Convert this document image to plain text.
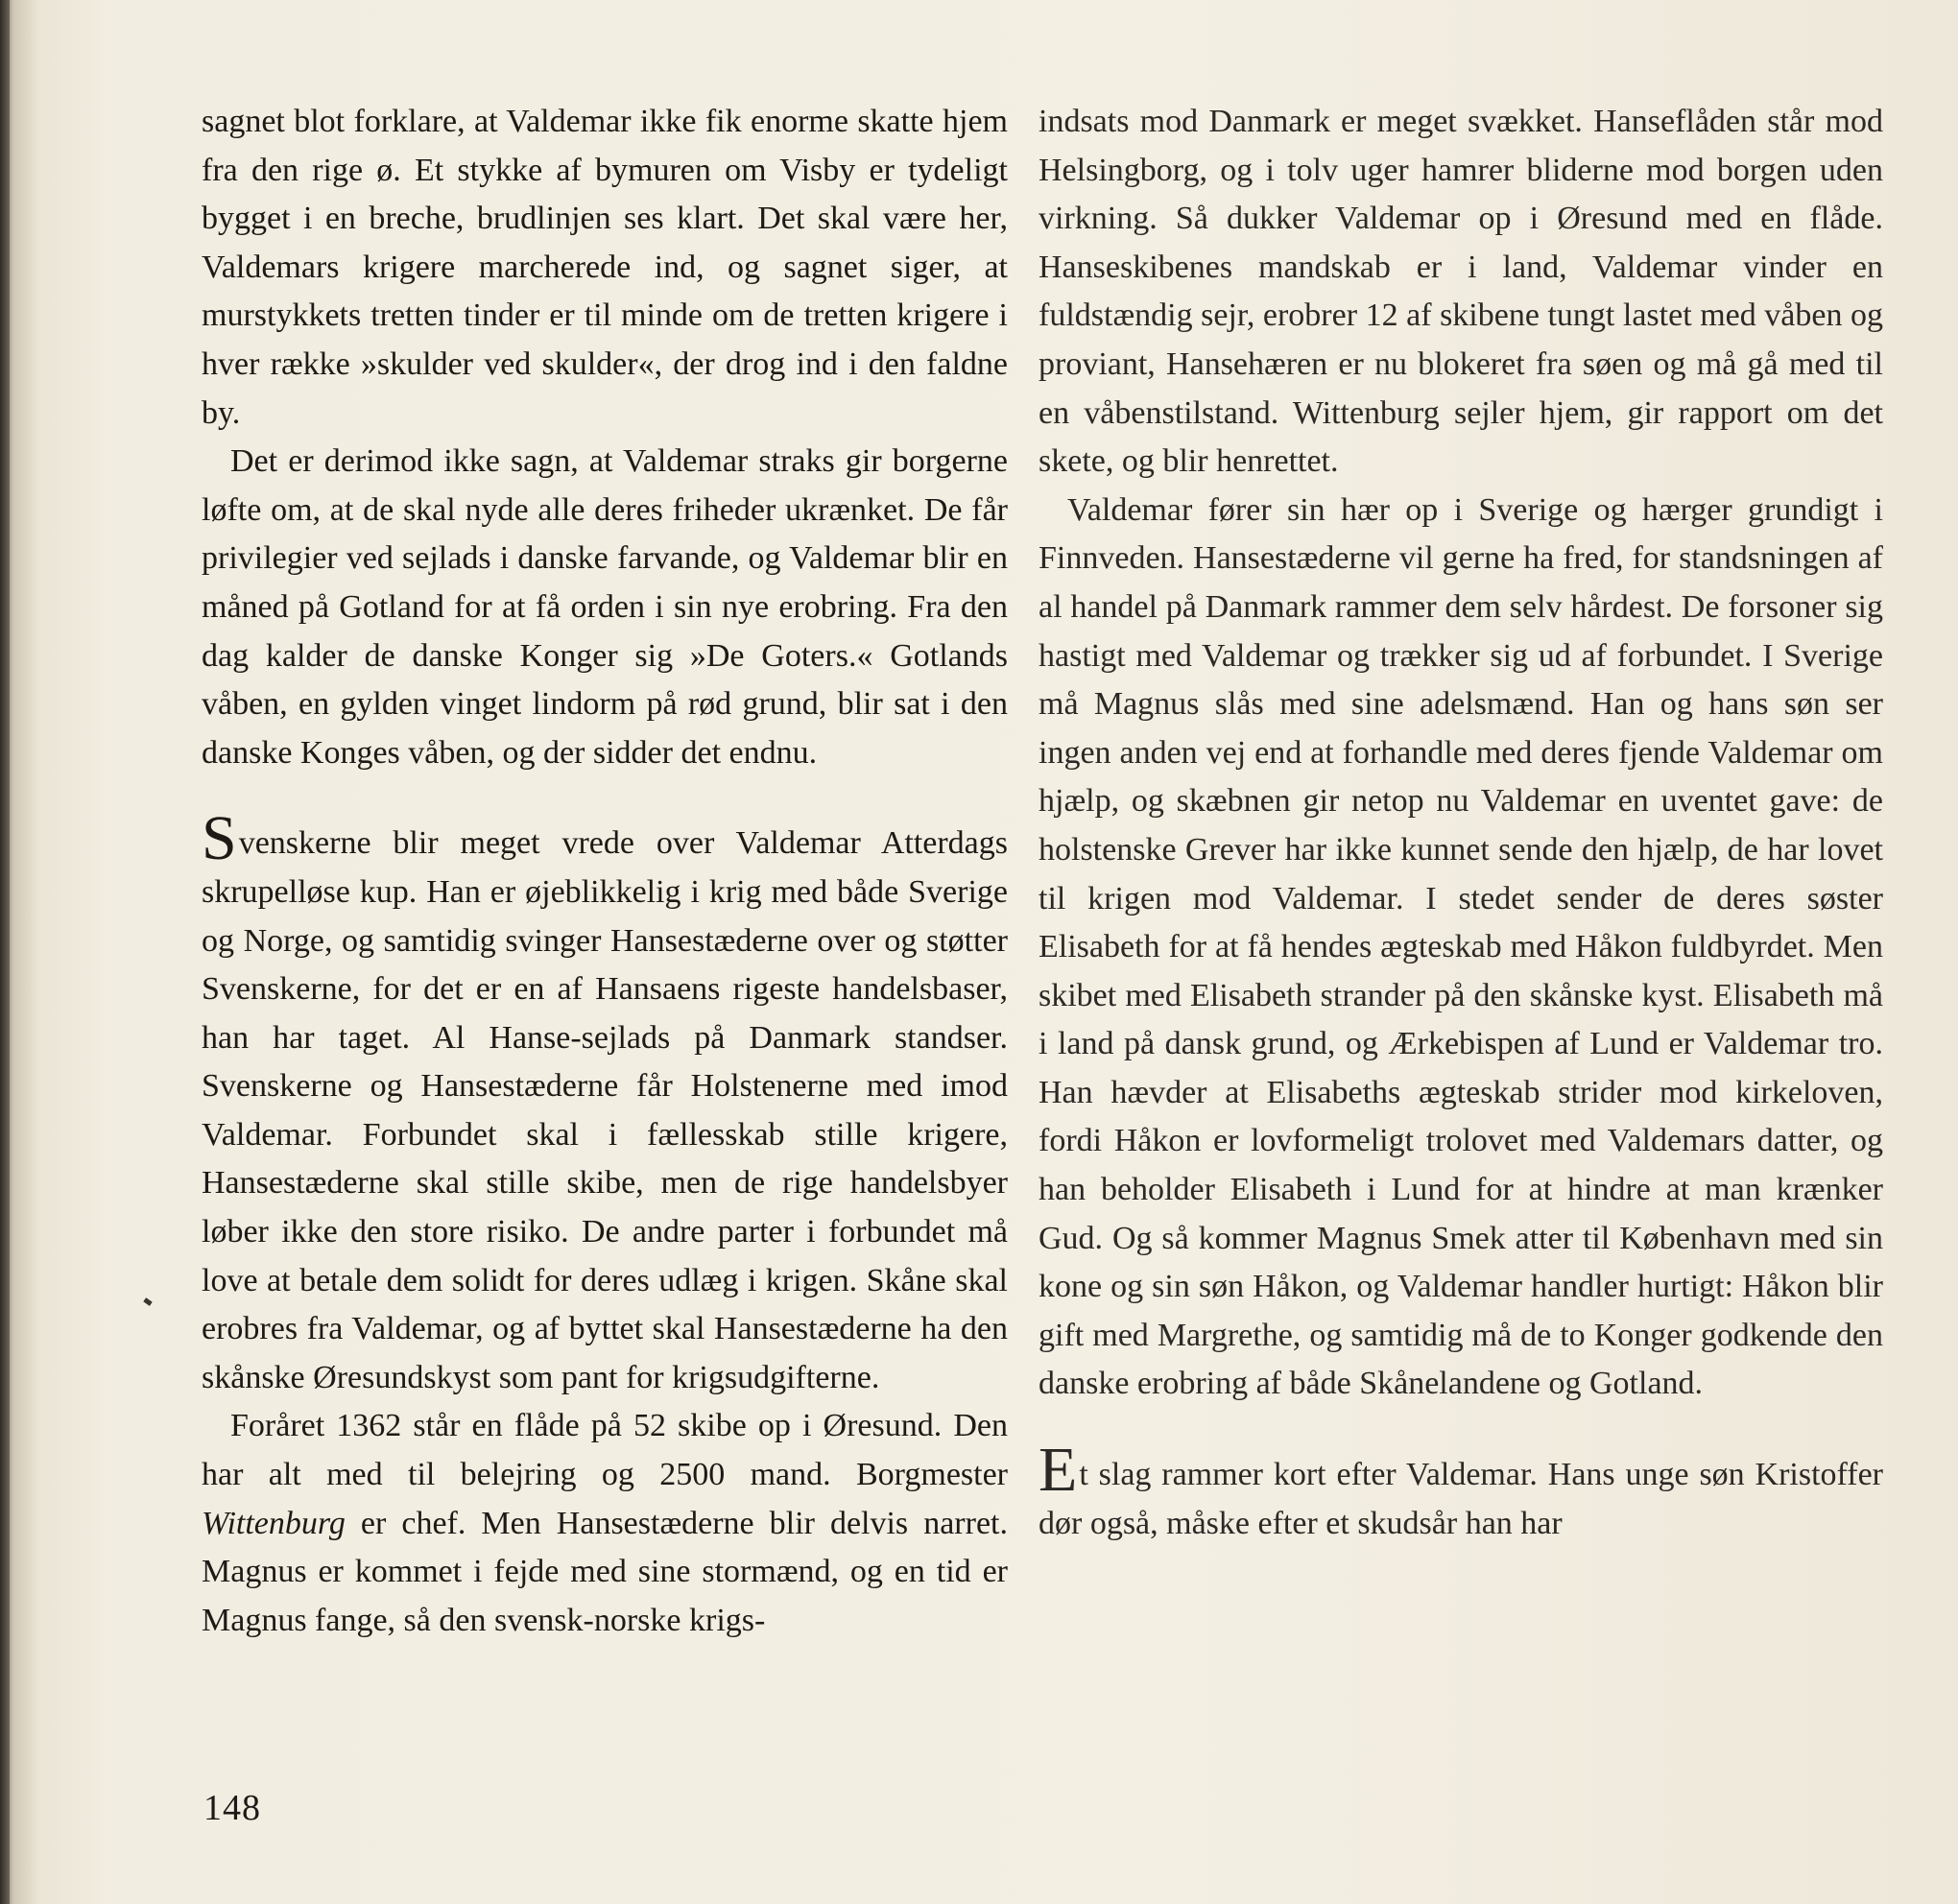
sagnet blot forklare, at Valdemar ikke fik enorme skatte hjem fra den rige ø. Et stykke af bymuren om Visby er tydeligt bygget i en breche, brudlinjen ses klart. Det skal være her, Valdemars krigere marcherede ind, og sagnet siger, at murstykkets tretten tinder er til minde om de tretten krigere i hver række »skulder ved skulder«, der drog ind i den faldne by.

Det er derimod ikke sagn, at Valdemar straks gir borgerne løfte om, at de skal nyde alle deres friheder ukrænket. De får privilegier ved sejlads i danske farvande, og Valdemar blir en måned på Gotland for at få orden i sin nye erobring. Fra den dag kalder de danske Konger sig »De Goters.« Gotlands våben, en gylden vinget lindorm på rød grund, blir sat i den danske Konges våben, og der sidder det endnu.

Svenskerne blir meget vrede over Valdemar Atterdags skrupelløse kup. Han er øjeblikkelig i krig med både Sverige og Norge, og samtidig svinger Hansestæderne over og støtter Svenskerne, for det er en af Hansaens rigeste handelsbaser, han har taget. Al Hanse-sejlads på Danmark standser. Svenskerne og Hansestæderne får Holstenerne med imod Valdemar. Forbundet skal i fællesskab stille krigere, Hansestæderne skal stille skibe, men de rige handelsbyer løber ikke den store risiko. De andre parter i forbundet må love at betale dem solidt for deres udlæg i krigen. Skåne skal erobres fra Valdemar, og af byttet skal Hansestæderne ha den skånske Øresundskyst som pant for krigsudgifterne.

Foråret 1362 står en flåde på 52 skibe op i Øresund. Den har alt med til belejring og 2500 mand. Borgmester Wittenburg er chef. Men Hansestæderne blir delvis narret. Magnus er kommet i fejde med sine stormænd, og en tid er Magnus fange, så den svensk-norske krigs-

indsats mod Danmark er meget svækket. Hanseflåden står mod Helsingborg, og i tolv uger hamrer bliderne mod borgen uden virkning. Så dukker Valdemar op i Øresund med en flåde. Hanseskibenes mandskab er i land, Valdemar vinder en fuldstændig sejr, erobrer 12 af skibene tungt lastet med våben og proviant, Hansehæren er nu blokeret fra søen og må gå med til en våbenstilstand. Wittenburg sejler hjem, gir rapport om det skete, og blir henrettet.

Valdemar fører sin hær op i Sverige og hærger grundigt i Finnveden. Hansestæderne vil gerne ha fred, for standsningen af al handel på Danmark rammer dem selv hårdest. De forsoner sig hastigt med Valdemar og trækker sig ud af forbundet. I Sverige må Magnus slås med sine adelsmænd. Han og hans søn ser ingen anden vej end at forhandle med deres fjende Valdemar om hjælp, og skæbnen gir netop nu Valdemar en uventet gave: de holstenske Grever har ikke kunnet sende den hjælp, de har lovet til krigen mod Valdemar. I stedet sender de deres søster Elisabeth for at få hendes ægteskab med Håkon fuldbyrdet. Men skibet med Elisabeth strander på den skånske kyst. Elisabeth må i land på dansk grund, og Ærkebispen af Lund er Valdemar tro. Han hævder at Elisabeths ægteskab strider mod kirkeloven, fordi Håkon er lovformeligt trolovet med Valdemars datter, og han beholder Elisabeth i Lund for at hindre at man krænker Gud. Og så kommer Magnus Smek atter til København med sin kone og sin søn Håkon, og Valdemar handler hurtigt: Håkon blir gift med Margrethe, og samtidig må de to Konger godkende den danske erobring af både Skånelandene og Gotland.

Et slag rammer kort efter Valdemar. Hans unge søn Kristoffer dør også, måske efter et skudsår han har

148
